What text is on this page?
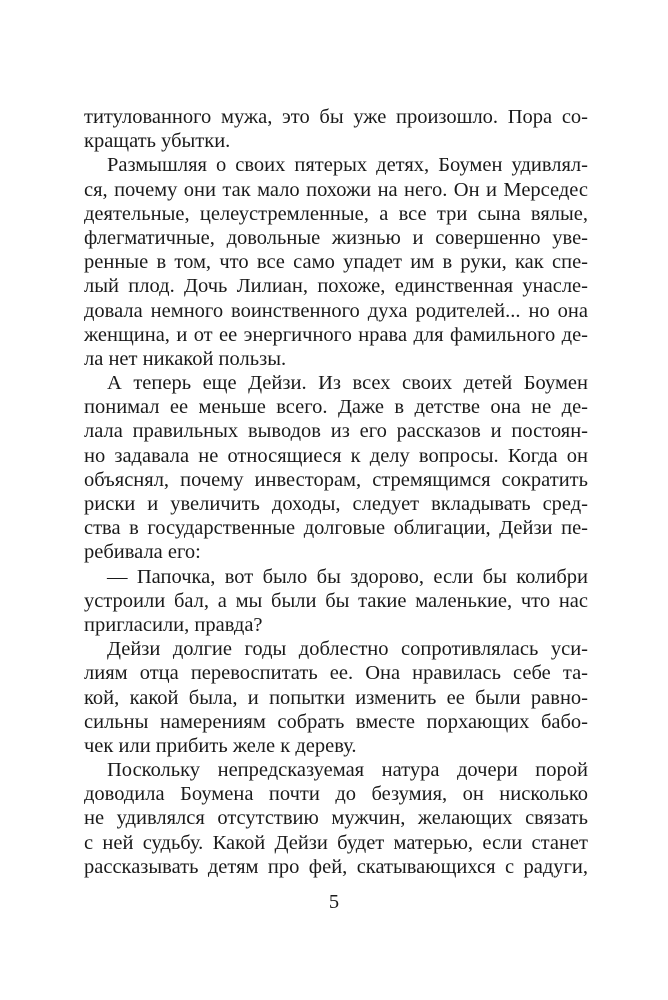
титулованного мужа, это бы уже произошло. Пора со-
кращать убытки.
Размышляя о своих пятерых детях, Боумен удивлял-
ся, почему они так мало похожи на него. Он и Мерседес
деятельные, целеустремленные, а все три сына вялые,
флегматичные, довольные жизнью и совершенно уве-
ренные в том, что все само упадет им в руки, как спе-
лый плод. Дочь Лилиан, похоже, единственная унасле-
довала немного воинственного духа родителей... но она
женщина, и от ее энергичного нрава для фамильного де-
ла нет никакой пользы.
А теперь еще Дейзи. Из всех своих детей Боумен
понимал ее меньше всего. Даже в детстве она не де-
лала правильных выводов из его рассказов и постоян-
но задавала не относящиеся к делу вопросы. Когда он
объяснял, почему инвесторам, стремящимся сократить
риски и увеличить доходы, следует вкладывать сред-
ства в государственные долговые облигации, Дейзи пе-
ребивала его:
— Папочка, вот было бы здорово, если бы колибри
устроили бал, а мы были бы такие маленькие, что нас
пригласили, правда?
Дейзи долгие годы доблестно сопротивлялась уси-
лиям отца перевоспитать ее. Она нравилась себе та-
кой, какой была, и попытки изменить ее были равно-
сильны намерениям собрать вместе порхающих бабо-
чек или прибить желе к дереву.
Поскольку непредсказуемая натура дочери порой
доводила Боумена почти до безумия, он нисколько
не удивлялся отсутствию мужчин, желающих связать
с ней судьбу. Какой Дейзи будет матерью, если станет
рассказывать детям про фей, скатывающихся с радуги,
5
